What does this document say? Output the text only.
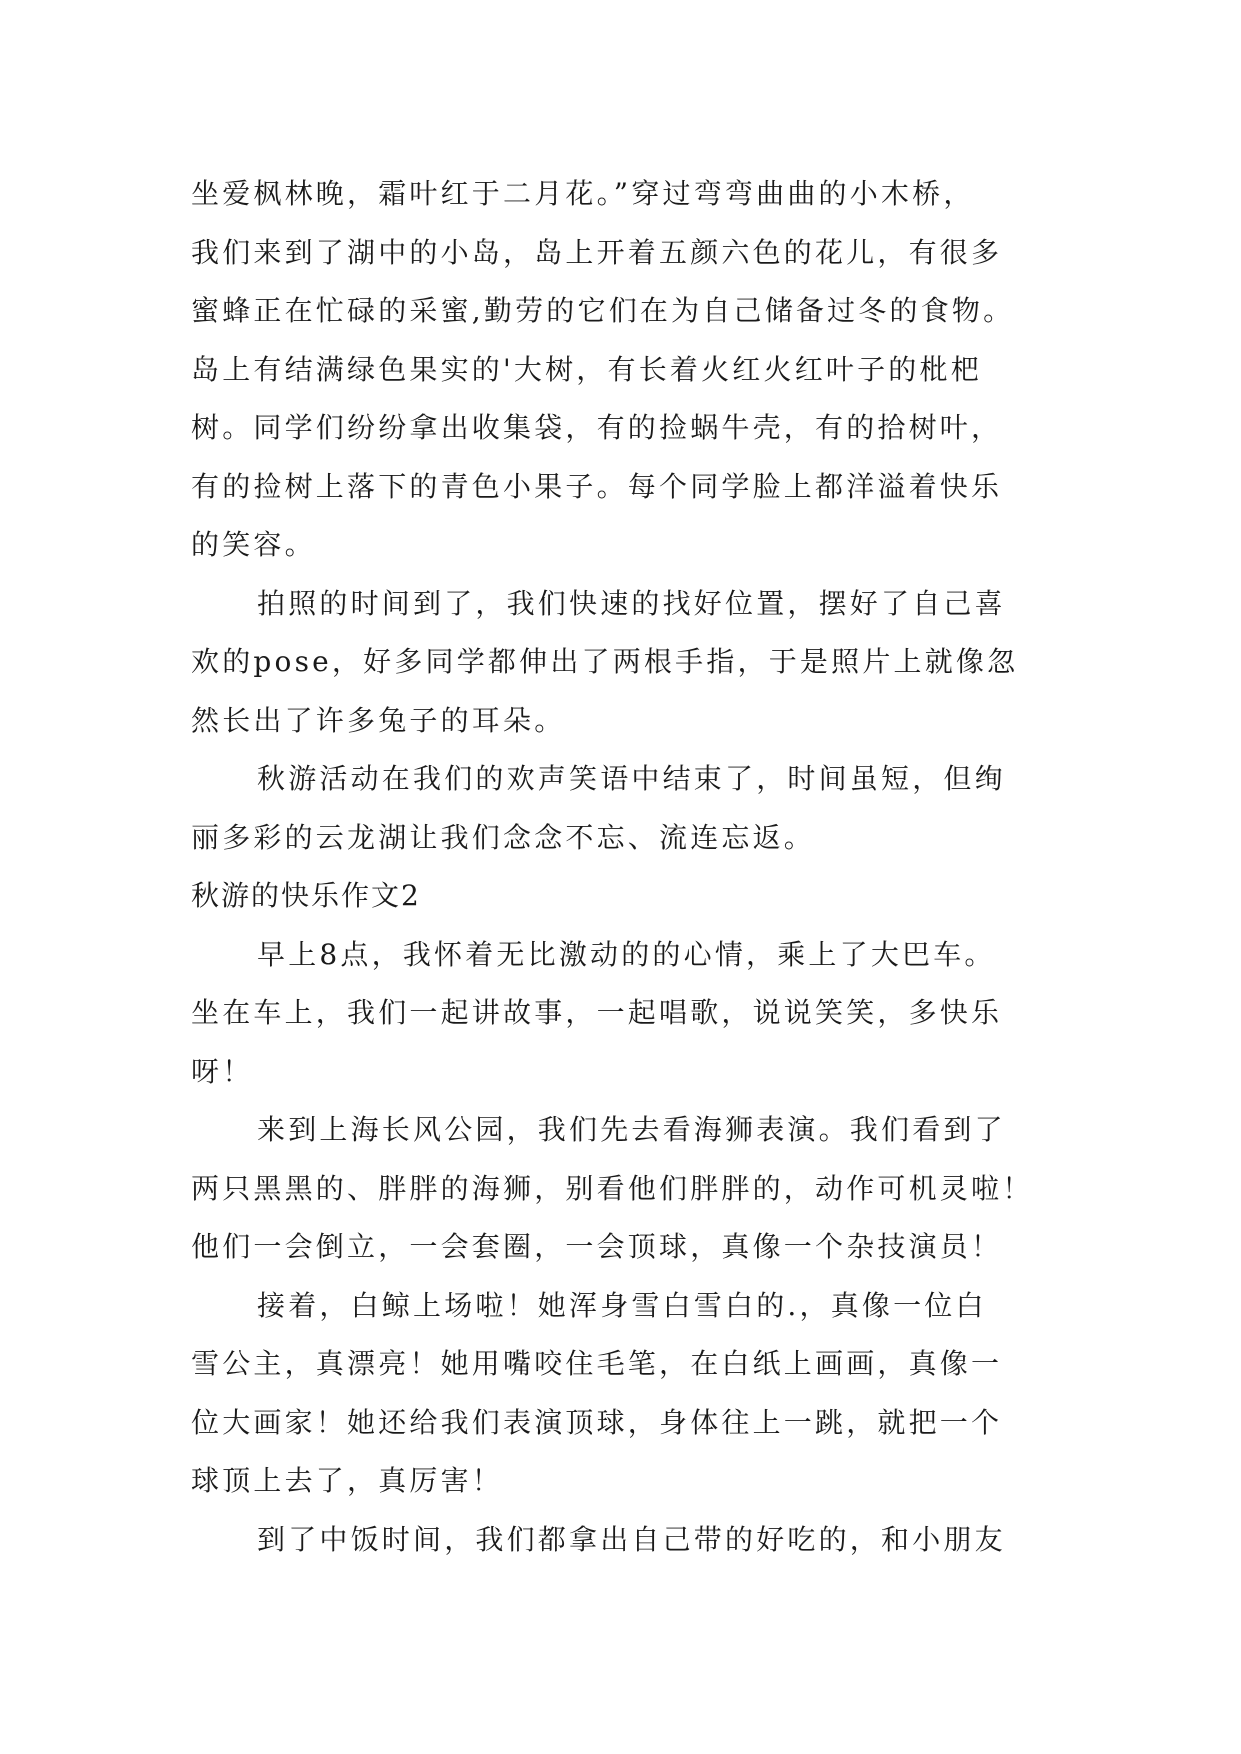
坐爱枫林晚，霜叶红于二月花。”穿过弯弯曲曲的小木桥，
我们来到了湖中的小岛，岛上开着五颜六色的花儿，有很多
蜜蜂正在忙碌的采蜜,勤劳的它们在为自己储备过冬的食物。
岛上有结满绿色果实的'大树，有长着火红火红叶子的枇杷
树。同学们纷纷拿出收集袋，有的捡蜗牛壳，有的拾树叶，
有的捡树上落下的青色小果子。每个同学脸上都洋溢着快乐
的笑容。
拍照的时间到了，我们快速的找好位置，摆好了自己喜
欢的pose，好多同学都伸出了两根手指，于是照片上就像忽
然长出了许多兔子的耳朵。
秋游活动在我们的欢声笑语中结束了，时间虽短，但绚
丽多彩的云龙湖让我们念念不忘、流连忘返。
秋游的快乐作文2
早上8点，我怀着无比激动的的心情，乘上了大巴车。
坐在车上，我们一起讲故事，一起唱歌，说说笑笑，多快乐
呀！
来到上海长风公园，我们先去看海狮表演。我们看到了
两只黑黑的、胖胖的海狮，别看他们胖胖的，动作可机灵啦！
他们一会倒立，一会套圈，一会顶球，真像一个杂技演员！
接着，白鲸上场啦！她浑身雪白雪白的.，真像一位白
雪公主，真漂亮！她用嘴咬住毛笔，在白纸上画画，真像一
位大画家！她还给我们表演顶球，身体往上一跳，就把一个
球顶上去了，真厉害！
到了中饭时间，我们都拿出自己带的好吃的，和小朋友
